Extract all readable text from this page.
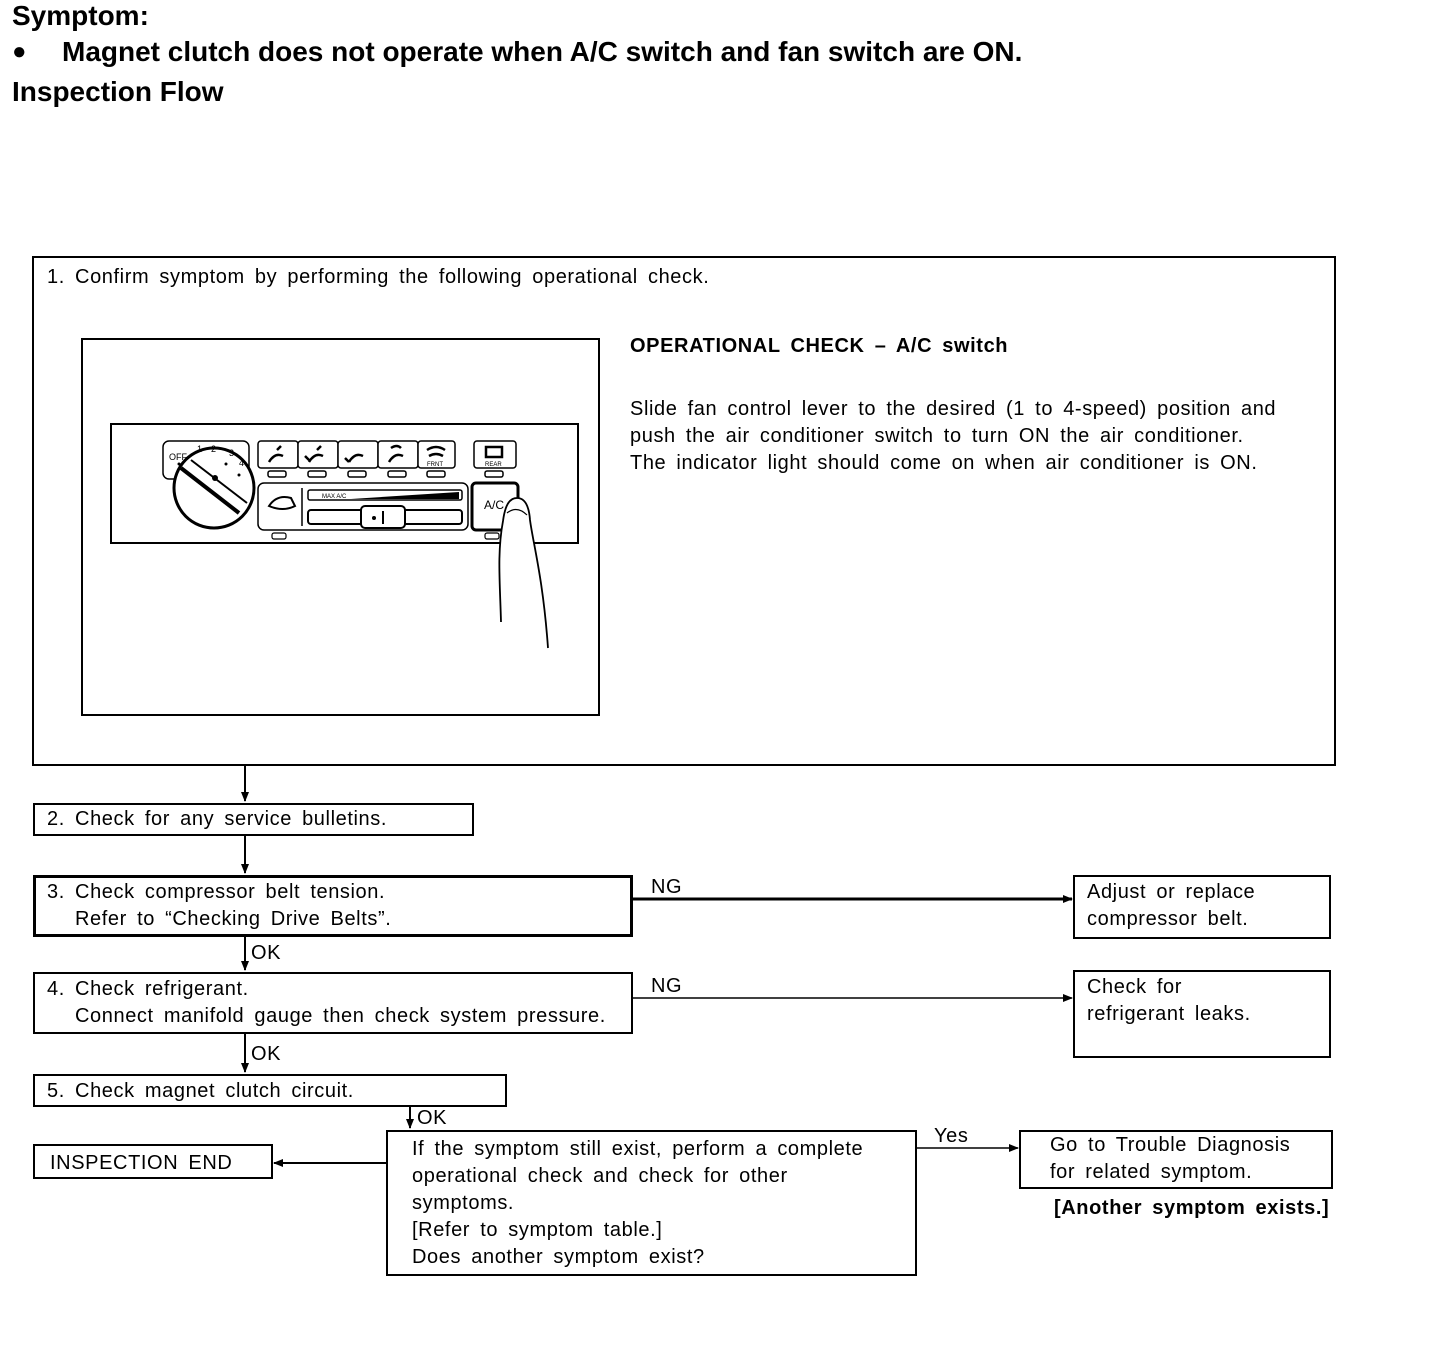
Symptom:
● Magnet clutch does not operate when A/C switch and fan switch are ON.
Inspection Flow
1. Confirm symptom by performing the following operational check.
OFF
1 2 3
4	FRNT	REAR
MAX A/C
A/C
OPERATIONAL CHECK – A/C switch
Slide fan control lever to the desired (1 to 4-speed) position and
push the air conditioner switch to turn ON the air conditioner.
The indicator light should come on when air conditioner is ON.
2. Check for any service bulletins.
3. Check compressor belt tension.
Refer to “Checking Drive Belts”.
NG	Adjust or replace
compressor belt.
OK
4. Check refrigerant.
Connect manifold gauge then check system pressure.
NG	Check for
refrigerant leaks.
OK
5. Check magnet clutch circuit.
OK
INSPECTION END
If the symptom still exist, perform a complete
operational check and check for other
symptoms.
[Refer to symptom table.]
Does another symptom exist?
Yes	Go to Trouble Diagnosis
for related symptom.
[Another symptom exists.]
